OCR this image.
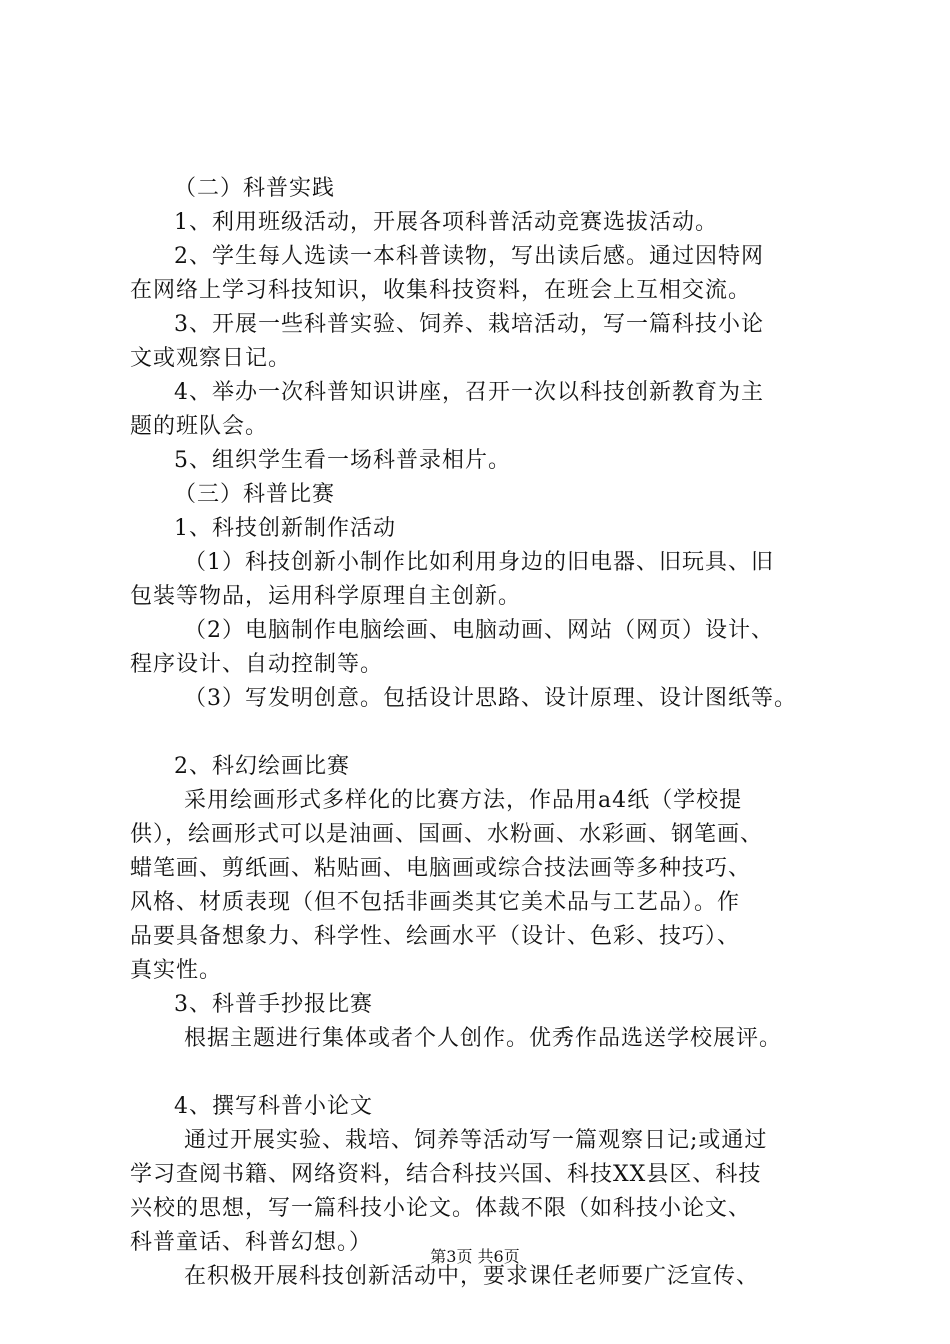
（二）科普实践
1、利用班级活动，开展各项科普活动竞赛选拔活动。
2、学生每人选读一本科普读物，写出读后感。通过因特网
在网络上学习科技知识，收集科技资料，在班会上互相交流。
3、开展一些科普实验、饲养、栽培活动，写一篇科技小论
文或观察日记。
4、举办一次科普知识讲座，召开一次以科技创新教育为主
题的班队会。
5、组织学生看一场科普录相片。
（三）科普比赛
1、科技创新制作活动
（1）科技创新小制作比如利用身边的旧电器、旧玩具、旧
包装等物品，运用科学原理自主创新。
（2）电脑制作电脑绘画、电脑动画、网站（网页）设计、
程序设计、自动控制等。
（3）写发明创意。包括设计思路、设计原理、设计图纸等。
2、科幻绘画比赛
采用绘画形式多样化的比赛方法，作品用a4纸（学校提
供），绘画形式可以是油画、国画、水粉画、水彩画、钢笔画、
蜡笔画、剪纸画、粘贴画、电脑画或综合技法画等多种技巧、
风格、材质表现（但不包括非画类其它美术品与工艺品）。作
品要具备想象力、科学性、绘画水平（设计、色彩、技巧）、
真实性。
3、科普手抄报比赛
根据主题进行集体或者个人创作。优秀作品选送学校展评。
4、撰写科普小论文
通过开展实验、栽培、饲养等活动写一篇观察日记;或通过
学习查阅书籍、网络资料，结合科技兴国、科技XX县区、科技
兴校的思想，写一篇科技小论文。体裁不限（如科技小论文、
科普童话、科普幻想。）
在积极开展科技创新活动中，要求课任老师要广泛宣传、
第3页 共6页
